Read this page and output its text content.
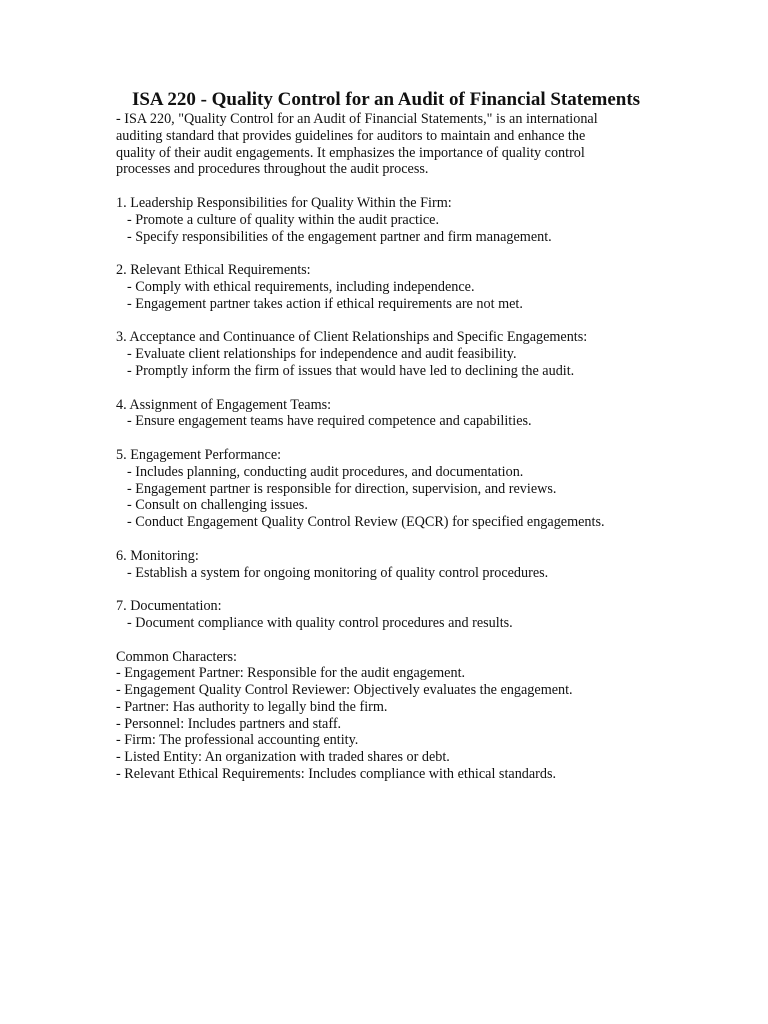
ISA 220 - Quality Control for an Audit of Financial Statements
- ISA 220, "Quality Control for an Audit of Financial Statements," is an international
auditing standard that provides guidelines for auditors to maintain and enhance the
quality of their audit engagements. It emphasizes the importance of quality control
processes and procedures throughout the audit process.
1. Leadership Responsibilities for Quality Within the Firm:
- Promote a culture of quality within the audit practice.
- Specify responsibilities of the engagement partner and firm management.
2. Relevant Ethical Requirements:
- Comply with ethical requirements, including independence.
- Engagement partner takes action if ethical requirements are not met.
3. Acceptance and Continuance of Client Relationships and Specific Engagements:
- Evaluate client relationships for independence and audit feasibility.
- Promptly inform the firm of issues that would have led to declining the audit.
4. Assignment of Engagement Teams:
- Ensure engagement teams have required competence and capabilities.
5. Engagement Performance:
- Includes planning, conducting audit procedures, and documentation.
- Engagement partner is responsible for direction, supervision, and reviews.
- Consult on challenging issues.
- Conduct Engagement Quality Control Review (EQCR) for specified engagements.
6. Monitoring:
- Establish a system for ongoing monitoring of quality control procedures.
7. Documentation:
- Document compliance with quality control procedures and results.
Common Characters:
- Engagement Partner: Responsible for the audit engagement.
- Engagement Quality Control Reviewer: Objectively evaluates the engagement.
- Partner: Has authority to legally bind the firm.
- Personnel: Includes partners and staff.
- Firm: The professional accounting entity.
- Listed Entity: An organization with traded shares or debt.
- Relevant Ethical Requirements: Includes compliance with ethical standards.
